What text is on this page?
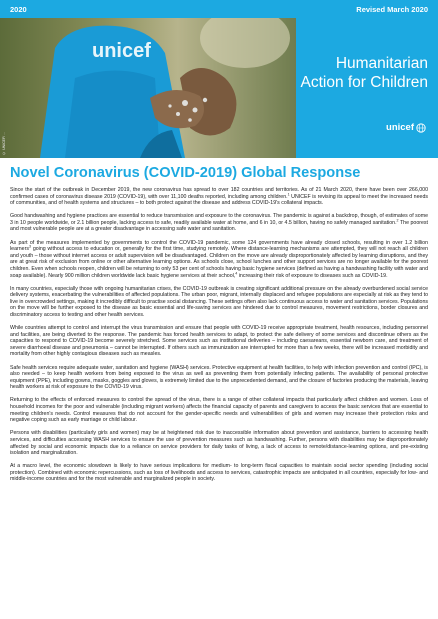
2020	Revised March 2020
© UNICEF/ ...
unicef
Humanitarian Action for Children
unicef
Novel Coronavirus (COVID-2019) Global Response

Since the start of the outbreak in December 2019, the new coronavirus has spread to over 182 countries and territories. As of 21 March 2020, there have been over 266,000 confirmed cases of coronavirus disease 2019 (COVID-19), with over 11,100 deaths reported, including among children.$^1$ UNICEF is revising its appeal to meet the increased needs of communities, and of health systems and structures – to both protect against the disease and address COVID-19's collateral impacts.

Good handwashing and hygiene practices are essential to reduce transmission and exposure to the coronavirus. The pandemic is against a backdrop, though, of estimates of some 3 in 10 people worldwide, or 2.1 billion people, lacking access to safe, readily available water at home, and 6 in 10, or 4.5 billion, having no safely managed sanitation.$^2$ The poorest and most vulnerable people are at a greater disadvantage in accessing safe water and sanitation.

As part of the measures implemented by governments to control the COVID-19 pandemic, some 124 governments have already closed schools, resulting in over 1.2 billion learners$^3$ going without access to education or, generally for the first time, studying remotely. Where distance-learning mechanisms are attempted, they will not reach all children and youth – those without internet access or adult supervision will be disadvantaged. Children on the move are already disproportionately affected by learning disruptions, and they are at great risk of exclusion from online or other alternative learning options. As schools close, school lunches and other support services are no longer available for the poorest children. Even when schools reopen, children will be returning to only 53 per cent of schools having basic hygiene services (defined as having a handwashing facility with water and soap available). Nearly 900 million children worldwide lack basic hygiene services at their school,$^4$ increasing their risk of exposure to diseases such as COVID-19.

In many countries, especially those with ongoing humanitarian crises, the COVID-19 outbreak is creating significant additional pressure on the already overburdened social service delivery systems, exacerbating the vulnerabilities of affected populations. The urban poor, migrant, internally displaced and refugee populations are especially at risk as they tend to live in overcrowded settings, making it incredibly difficult to practise social distancing. These settings often also lack continuous access to water and sanitation services. Populations on the move will be further exposed to the disease as basic essential and life-saving services are hindered due to control measures, movement restrictions, border closures and discriminatory access to testing and other health services.

While countries attempt to control and interrupt the virus transmission and ensure that people with COVID-19 receive appropriate treatment, health resources, including personnel and facilities, are being diverted to the response. The pandemic has forced health services to adapt, to protect the safe delivery of some services and discontinue others as the capacities to respond to COVID-19 become severely stretched. Some services such as institutional deliveries – including caesareans, essential newborn care, and treatment of severe diarrhoeal disease and pneumonia – cannot be interrupted. If others such as immunization are interrupted for more than a few weeks, there will be increased morbidity and mortality from other highly contagious diseases such as measles.

Safe health services require adequate water, sanitation and hygiene (WASH) services. Protective equipment at health facilities, to help with infection prevention and control (IPC), is also needed – to keep health workers from being exposed to the virus as well as preventing them from potentially infecting patients. The availability of personal protective equipment (PPE), including gowns, masks, goggles and gloves, is extremely limited due to the unprecedented demand, and the closure of factories producing the materials, leaving health workers at risk of exposure to the COVID-19 virus.

Returning to the effects of enforced measures to control the spread of the virus, there is a range of other collateral impacts that particularly affect children and women. Loss of household incomes for the poor and vulnerable (including migrant workers) affects the financial capacity of parents and caregivers to access the basic services that are essential to meeting children's needs. Control measures that do not account for the gender-specific needs and vulnerabilities of girls and women may increase their protection risks and negative coping such as early marriage or child labour.

Persons with disabilities (particularly girls and women) may be at heightened risk due to inaccessible information about prevention and assistance, barriers to accessing health services, and difficulties accessing WASH services to ensure the use of prevention measures such as handwashing. Further, persons with disabilities may be disproportionately affected by social and economic impacts due to a reliance on service providers for daily tasks of living, a lack of access to remote/distance-learning options, and pre-existing isolation and marginalization.

At a macro level, the economic slowdown is likely to have serious implications for medium- to long-term fiscal capacities to maintain social sector spending (including social protection). Combined with economic repercussions, such as loss of livelihoods and access to services, catastrophic impacts are anticipated in all countries, especially for low- and middle-income countries and for the most vulnerable and marginalized people in society.
